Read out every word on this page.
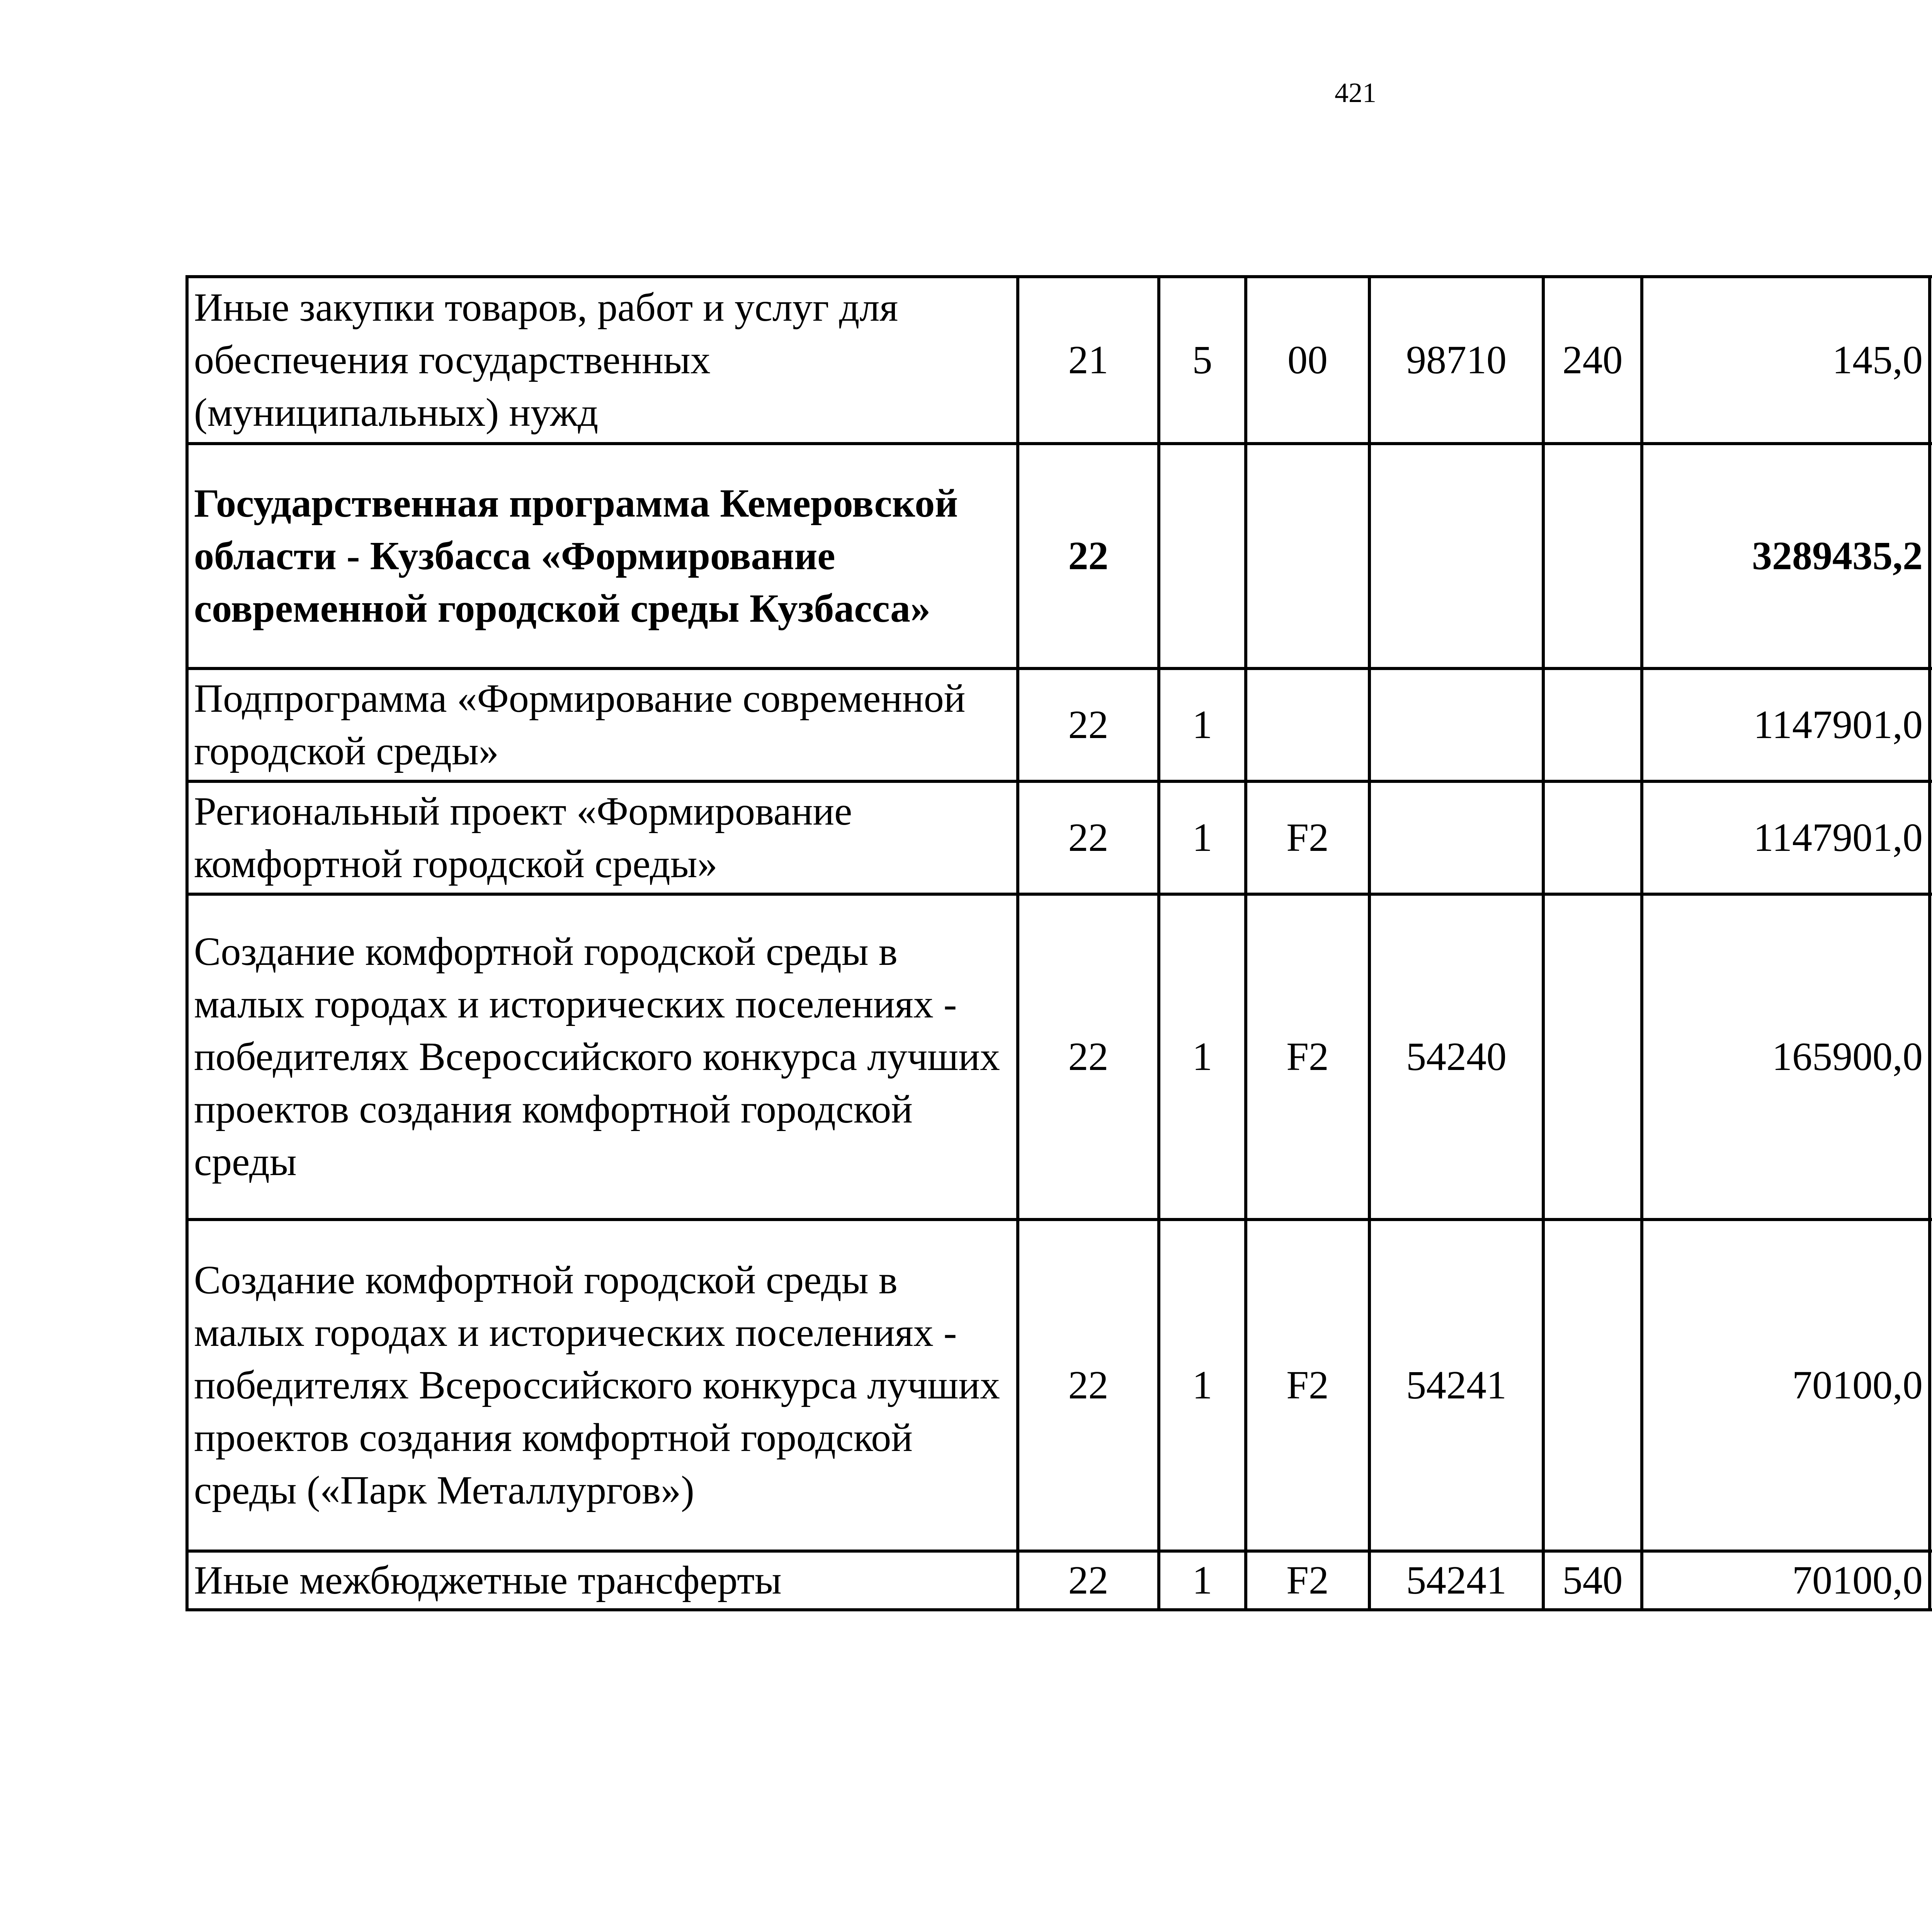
421
Иные закупки товаров, работ и услуг для обеспечения государственных (муниципальных) нужд	21	5	00	98710	240	145,0		
Государственная программа Кемеровской области - Кузбасса «Формирование современной городской среды Кузбасса»	22					3289435,2		
Подпрограмма «Формирование современной городской среды»	22	1				1147901,0		
Региональный проект «Формирование комфортной городской среды»	22	1	F2			1147901,0		
Создание комфортной городской среды в малых городах и исторических поселениях - победителях Всероссийского конкурса лучших проектов создания комфортной городской среды	22	1	F2	54240		165900,0		
Создание комфортной городской среды в малых городах и исторических поселениях - победителях Всероссийского конкурса лучших проектов создания комфортной городской среды («Парк Металлургов»)	22	1	F2	54241		70100,0		
Иные межбюджетные трансферты	22	1	F2	54241	540	70100,0		
